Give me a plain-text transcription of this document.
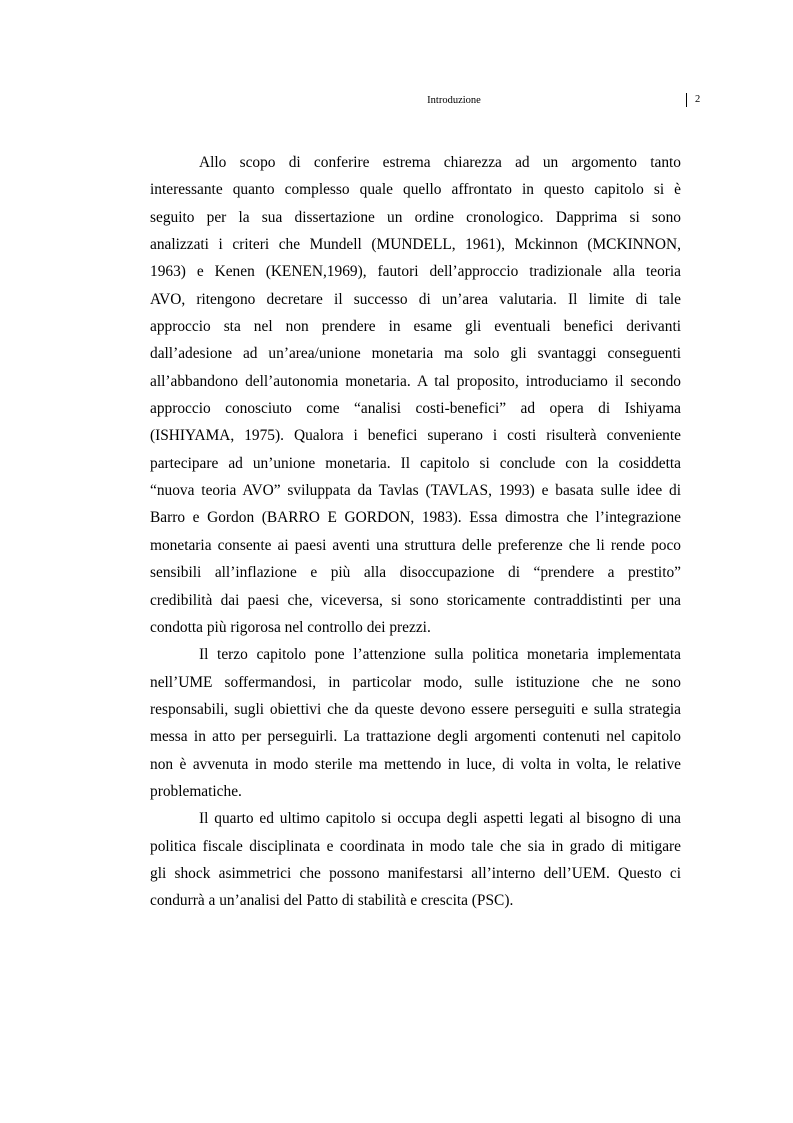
Introduzione	2
Allo scopo di conferire estrema chiarezza ad un argomento tanto
interessante quanto complesso quale quello affrontato in questo capitolo si è
seguito per la sua dissertazione un ordine cronologico. Dapprima si sono
analizzati i criteri che Mundell (MUNDELL, 1961), Mckinnon (MCKINNON,
1963) e Kenen (KENEN,1969), fautori dell’approccio tradizionale alla teoria
AVO, ritengono decretare il successo di un’area valutaria. Il limite di tale
approccio sta nel non prendere in esame gli eventuali benefici derivanti
dall’adesione ad un’area/unione monetaria ma solo gli svantaggi conseguenti
all’abbandono dell’autonomia monetaria. A tal proposito, introduciamo il secondo
approccio conosciuto come “analisi costi-benefici” ad opera di Ishiyama
(ISHIYAMA, 1975). Qualora i benefici superano i costi risulterà conveniente
partecipare ad un’unione monetaria. Il capitolo si conclude con la cosiddetta
“nuova teoria AVO” sviluppata da Tavlas (TAVLAS, 1993) e basata sulle idee di
Barro e Gordon (BARRO E GORDON, 1983). Essa dimostra che l’integrazione
monetaria consente ai paesi aventi una struttura delle preferenze che li rende poco
sensibili all’inflazione e più alla disoccupazione di “prendere a prestito”
credibilità dai paesi che, viceversa, si sono storicamente contraddistinti per una
condotta più rigorosa nel controllo dei prezzi.
Il terzo capitolo pone l’attenzione sulla politica monetaria implementata
nell’UME soffermandosi, in particolar modo, sulle istituzione che ne sono
responsabili, sugli obiettivi che da queste devono essere perseguiti e sulla strategia
messa in atto per perseguirli. La trattazione degli argomenti contenuti nel capitolo
non è avvenuta in modo sterile ma mettendo in luce, di volta in volta, le relative
problematiche.
Il quarto ed ultimo capitolo si occupa degli aspetti legati al bisogno di una
politica fiscale disciplinata e coordinata in modo tale che sia in grado di mitigare
gli shock asimmetrici che possono manifestarsi all’interno dell’UEM. Questo ci
condurrà a un’analisi del Patto di stabilità e crescita (PSC).
